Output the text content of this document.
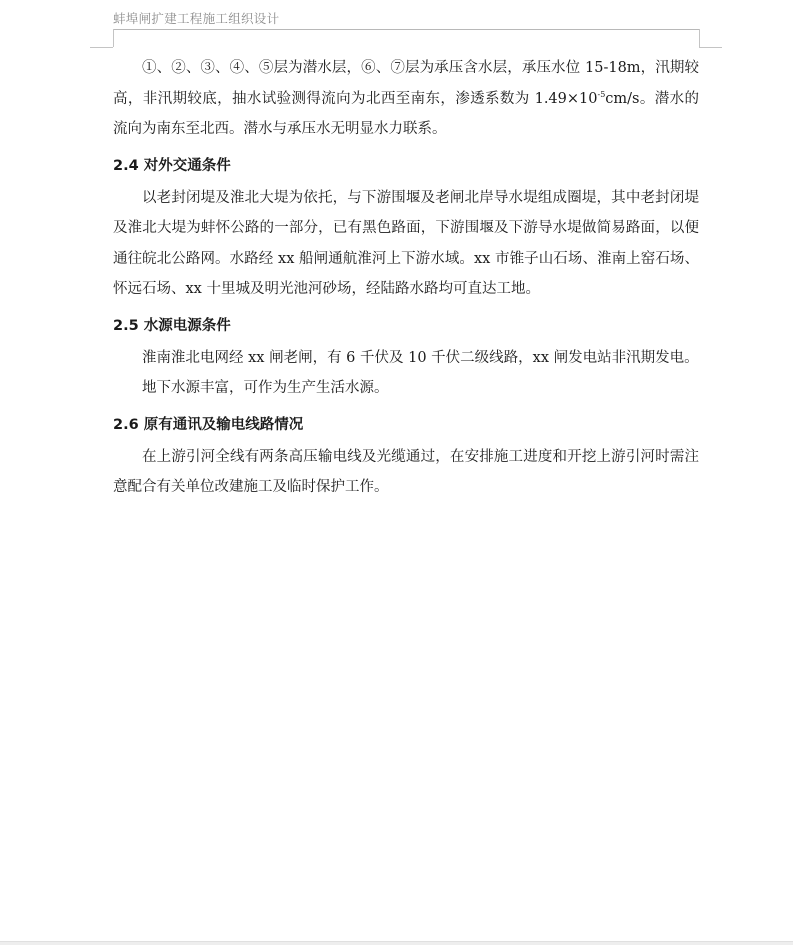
蚌埠闸扩建工程施工组织设计

①、②、③、④、⑤层为潜水层，⑥、⑦层为承压含水层，承压水位 15-18m，汛期较高，非汛期较底，抽水试验测得流向为北西至南东，渗透系数为 $1.49\times 10^{-5}cm/s$。潜水的流向为南东至北西。潜水与承压水无明显水力联系。

2.4 对外交通条件

以老封闭堤及淮北大堤为依托，与下游围堰及老闸北岸导水堤组成圈堤，其中老封闭堤及淮北大堤为蚌怀公路的一部分，已有黑色路面，下游围堰及下游导水堤做简易路面，以便通往皖北公路网。水路经 xx 船闸通航淮河上下游水域。xx 市锥子山石场、淮南上窑石场、怀远石场、xx 十里城及明光池河砂场，经陆路水路均可直达工地。

2.5 水源电源条件

淮南淮北电网经 xx 闸老闸，有 6 千伏及 10 千伏二级线路，xx 闸发电站非汛期发电。

地下水源丰富，可作为生产生活水源。

2.6 原有通讯及输电线路情况

在上游引河全线有两条高压输电线及光缆通过，在安排施工进度和开挖上游引河时需注意配合有关单位改建施工及临时保护工作。
